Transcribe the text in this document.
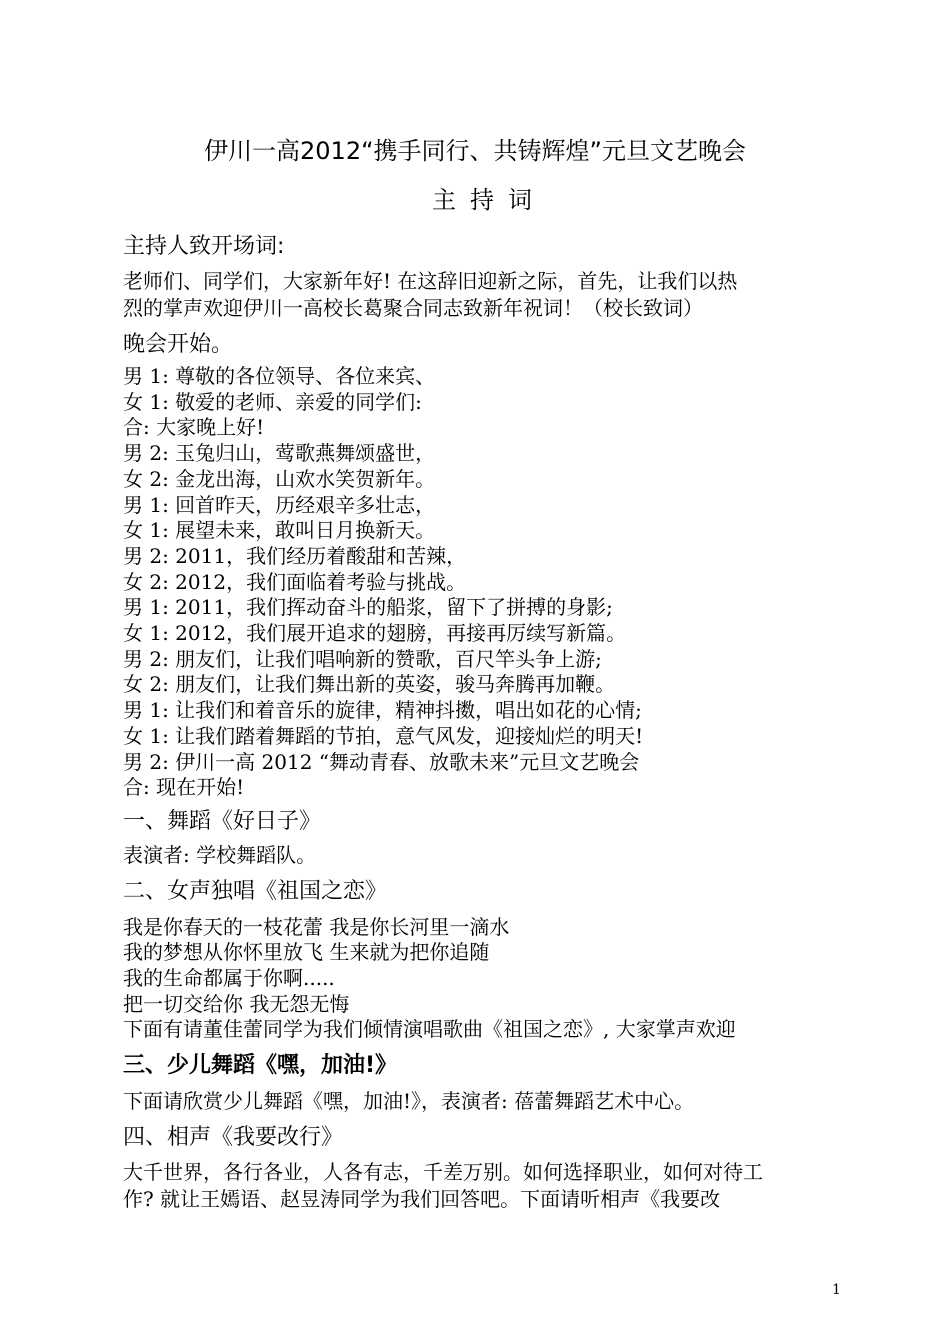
伊川一高2012“携手同行、共铸辉煌”元旦文艺晚会
主持词
主持人致开场词:

老师们、同学们，大家新年好! 在这辞旧迎新之际，首先，让我们以热

烈的掌声欢迎伊川一高校长葛聚合同志致新年祝词！（校长致词）

晚会开始。
男 1: 尊敬的各位领导、各位来宾、
女 1: 敬爱的老师、亲爱的同学们:
合: 大家晚上好!
男 2: 玉兔归山，莺歌燕舞颂盛世，
女 2: 金龙出海，山欢水笑贺新年。
男 1: 回首昨天，历经艰辛多壮志，
女 1: 展望未来，敢叫日月换新天。
男 2: 2011，我们经历着酸甜和苦辣，
女 2: 2012，我们面临着考验与挑战。
男 1: 2011，我们挥动奋斗的船浆，留下了拼搏的身影;
女 1: 2012，我们展开追求的翅膀，再接再厉续写新篇。
男 2: 朋友们，让我们唱响新的赞歌，百尺竿头争上游;
女 2: 朋友们，让我们舞出新的英姿，骏马奔腾再加鞭。
男 1: 让我们和着音乐的旋律，精神抖擞，唱出如花的心情;
女 1: 让我们踏着舞蹈的节拍，意气风发，迎接灿烂的明天!
男 2: 伊川一高 2012 “舞动青春、放歌未来”元旦文艺晚会
合: 现在开始!
一、舞蹈《好日子》
表演者: 学校舞蹈队。
二、女声独唱《祖国之恋》
我是你春天的一枝花蕾 我是你长河里一滴水
我的梦想从你怀里放飞 生来就为把你追随
我的生命都属于你啊.....
把一切交给你 我无怨无悔
下面有请董佳蕾同学为我们倾情演唱歌曲《祖国之恋》, 大家掌声欢迎
三、少儿舞蹈《嘿，加油!》
下面请欣赏少儿舞蹈《嘿，加油!》，表演者: 蓓蕾舞蹈艺术中心。
四、相声《我要改行》

大千世界，各行各业，人各有志，千差万别。如何选择职业，如何对待工

作? 就让王嫣语、赵昱涛同学为我们回答吧。下面请听相声《我要改

1
